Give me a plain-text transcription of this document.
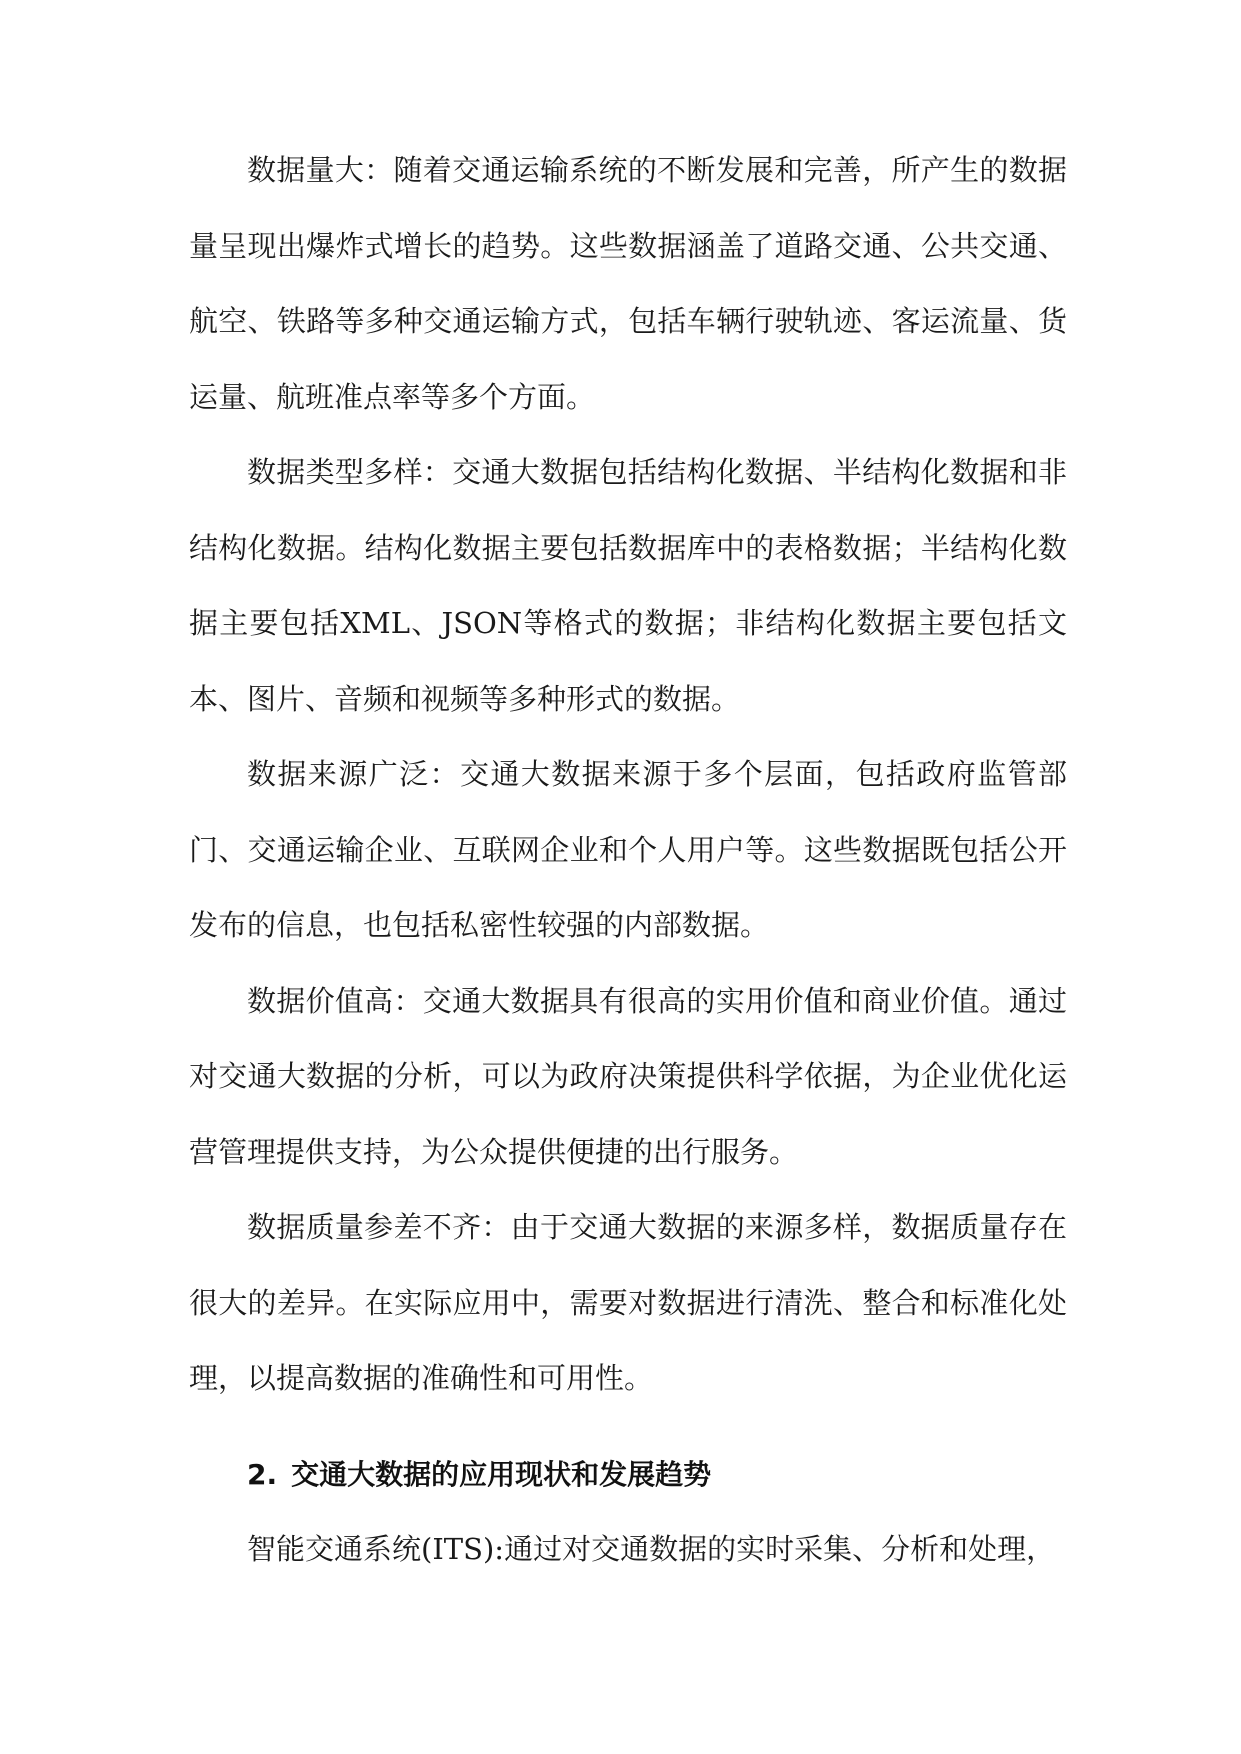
数据量大：随着交通运输系统的不断发展和完善，所产生的数据量呈现出爆炸式增长的趋势。这些数据涵盖了道路交通、公共交通、航空、铁路等多种交通运输方式，包括车辆行驶轨迹、客运流量、货运量、航班准点率等多个方面。

数据类型多样：交通大数据包括结构化数据、半结构化数据和非结构化数据。结构化数据主要包括数据库中的表格数据；半结构化数据主要包括XML、JSON等格式的数据；非结构化数据主要包括文本、图片、音频和视频等多种形式的数据。

数据来源广泛：交通大数据来源于多个层面，包括政府监管部门、交通运输企业、互联网企业和个人用户等。这些数据既包括公开发布的信息，也包括私密性较强的内部数据。

数据价值高：交通大数据具有很高的实用价值和商业价值。通过对交通大数据的分析，可以为政府决策提供科学依据，为企业优化运营管理提供支持，为公众提供便捷的出行服务。

数据质量参差不齐：由于交通大数据的来源多样，数据质量存在很大的差异。在实际应用中，需要对数据进行清洗、整合和标准化处理，以提高数据的准确性和可用性。

2. 交通大数据的应用现状和发展趋势

智能交通系统(ITS):通过对交通数据的实时采集、分析和处理，
